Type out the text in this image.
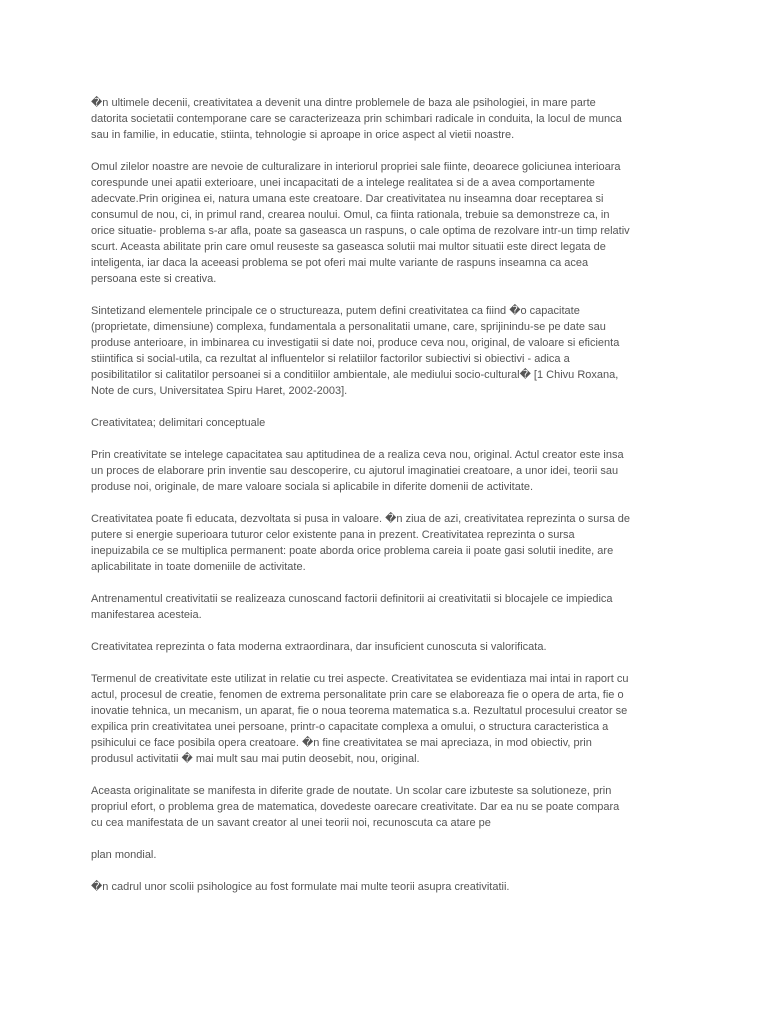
�n ultimele decenii, creativitatea a devenit una dintre problemele de baza ale psihologiei, in mare parte
datorita societatii contemporane care se caracterizeaza prin schimbari radicale in conduita, la locul de munca
sau in familie, in educatie, stiinta, tehnologie si aproape in orice aspect al vietii noastre.

Omul zilelor noastre are nevoie de culturalizare in interiorul propriei sale fiinte, deoarece goliciunea interioara
corespunde unei apatii exterioare, unei incapacitati de a intelege realitatea si de a avea comportamente
adecvate.Prin originea ei, natura umana este creatoare. Dar creativitatea nu inseamna doar receptarea si
consumul de nou, ci, in primul rand, crearea noului. Omul, ca fiinta rationala, trebuie sa demonstreze ca, in
orice situatie- problema s-ar afla, poate sa gaseasca un raspuns, o cale optima de rezolvare intr-un timp relativ
scurt. Aceasta abilitate prin care omul reuseste sa gaseasca solutii mai multor situatii este direct legata de
inteligenta, iar daca la aceeasi problema se pot oferi mai multe variante de raspuns inseamna ca acea
persoana este si creativa.

Sintetizand elementele principale ce o structureaza, putem defini creativitatea ca fiind �o capacitate
(proprietate, dimensiune) complexa, fundamentala a personalitatii umane, care, sprijinindu-se pe date sau
produse anterioare, in imbinarea cu investigatii si date noi, produce ceva nou, original, de valoare si eficienta
stiintifica si social-utila, ca rezultat al influentelor si relatiilor factorilor subiectivi si obiectivi - adica a
posibilitatilor si calitatilor persoanei si a conditiilor ambientale, ale mediului socio-cultural� [1 Chivu Roxana,
Note de curs, Universitatea Spiru Haret, 2002-2003].

Creativitatea; delimitari conceptuale

Prin creativitate se intelege capacitatea sau aptitudinea de a realiza ceva nou, original. Actul creator este insa
un proces de elaborare prin inventie sau descoperire, cu ajutorul imaginatiei creatoare, a unor idei, teorii sau
produse noi, originale, de mare valoare sociala si aplicabile in diferite domenii de activitate.

Creativitatea poate fi educata, dezvoltata si pusa in valoare. �n ziua de azi, creativitatea reprezinta o sursa de
putere si energie superioara tuturor celor existente pana in prezent. Creativitatea reprezinta o sursa
inepuizabila ce se multiplica permanent: poate aborda orice problema careia ii poate gasi solutii inedite, are
aplicabilitate in toate domeniile de activitate.

Antrenamentul creativitatii se realizeaza cunoscand factorii definitorii ai creativitatii si blocajele ce impiedica
manifestarea acesteia.

Creativitatea reprezinta o fata moderna extraordinara, dar insuficient cunoscuta si valorificata.

Termenul de creativitate este utilizat in relatie cu trei aspecte. Creativitatea se evidentiaza mai intai in raport cu
actul, procesul de creatie, fenomen de extrema personalitate prin care se elaboreaza fie o opera de arta, fie o
inovatie tehnica, un mecanism, un aparat, fie o noua teorema matematica s.a. Rezultatul procesului creator se
expilica prin creativitatea unei persoane, printr-o capacitate complexa a omului, o structura caracteristica a
psihicului ce face posibila opera creatoare. �n fine creativitatea se mai apreciaza, in mod obiectiv, prin
produsul activitatii � mai mult sau mai putin deosebit, nou, original.

Aceasta originalitate se manifesta in diferite grade de noutate. Un scolar care izbuteste sa solutioneze, prin
propriul efort, o problema grea de matematica, dovedeste oarecare creativitate. Dar ea nu se poate compara
cu cea manifestata de un savant creator al unei teorii noi, recunoscuta ca atare pe

plan mondial.

�n cadrul unor scolii psihologice au fost formulate mai multe teorii asupra creativitatii.
